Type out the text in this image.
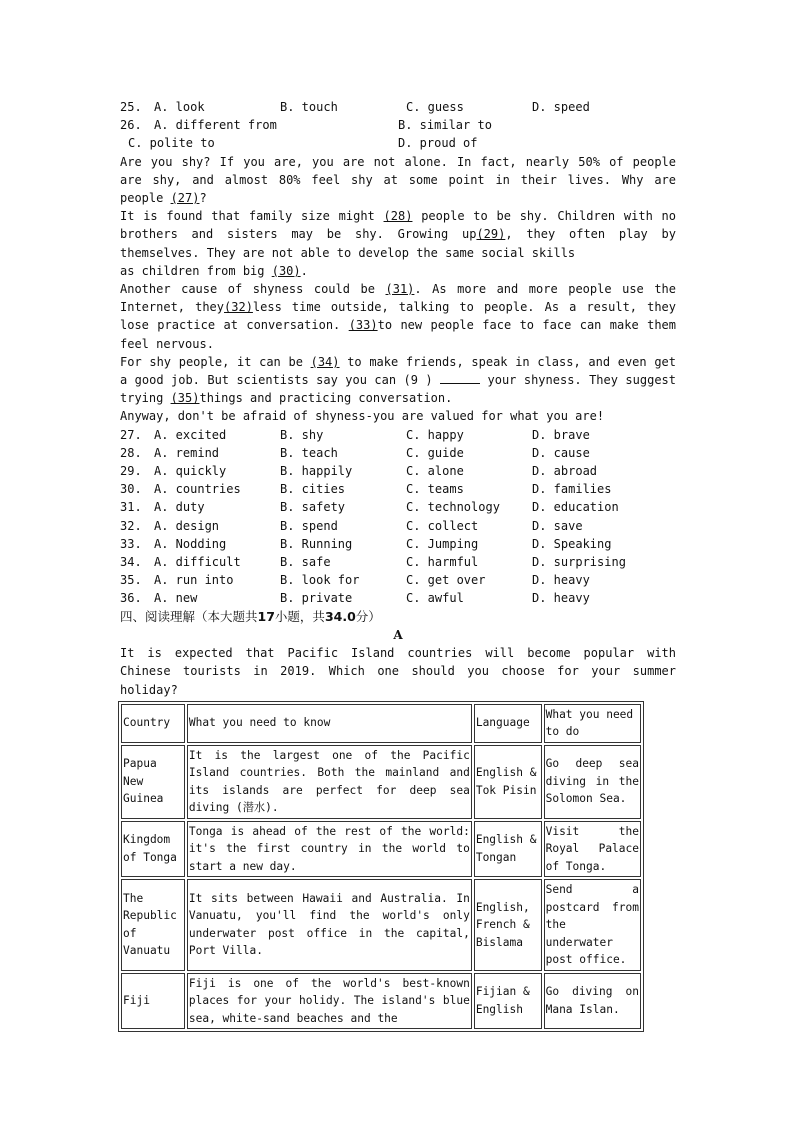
25.	A. look	B. touch	C. guess	D. speed
26.	A. different from	B. similar to
C. polite to	D. proud of
Are you shy? If you are, you are not alone. In fact, nearly 50% of people are shy, and almost 80% feel shy at some point in their lives. Why are people (27)?
It is found that family size might (28) people to be shy. Children with no brothers and sisters may be shy. Growing up(29), they often play by themselves. They are not able to develop the same social skills
as children from big (30).
Another cause of shyness could be (31). As more and more people use the Internet, they(32)less time outside, talking to people. As a result, they lose practice at conversation. (33)to new people face to face can make them feel nervous.
For shy people, it can be (34) to make friends, speak in class, and even get a good job. But scientists say you can (9 )	your shyness. They suggest trying (35)things and practicing conversation.
Anyway, don't be afraid of shyness-you are valued for what you are!
27.	A. excited	B. shy	C. happy	D. brave
28.	A. remind	B. teach	C. guide	D. cause
29.	A. quickly	B. happily	C. alone	D. abroad
30.	A. countries	B. cities	C. teams	D. families
31.	A. duty	B. safety	C. technology	D. education
32.	A. design	B. spend	C. collect	D. save
33.	A. Nodding	B. Running	C. Jumping	D. Speaking
34.	A. difficult	B. safe	C. harmful	D. surprising
35.	A. run into	B. look for	C. get over	D. heavy
36.	A. new	B. private	C. awful	D. heavy
四、阅读理解（本大题共17小题，共34.0分）
A
It is expected that Pacific Island countries will become popular with Chinese tourists in 2019. Which one should you choose for your summer holiday?
Country	What you need to know	Language	What you need to do
Papua New Guinea	It is the largest one of the Pacific Island countries. Both the mainland and its islands are perfect for deep sea diving (潜水).	English & Tok Pisin	Go deep sea diving in the Solomon Sea.
Kingdom of Tonga	Tonga is ahead of the rest of the world: it's the first country in the world to start a new day.	English & Tongan	Visit the Royal Palace of Tonga.
The Republic of Vanuatu	It sits between Hawaii and Australia. In Vanuatu, you'll find the world's only underwater post office in the capital, Port Villa.	English, French & Bislama	Send a postcard from the underwater post office.
Fiji	Fiji is one of the world's best-known places for your holidy. The island's blue sea, white-sand beaches and the	Fijian & English	Go diving on Mana Islan.
